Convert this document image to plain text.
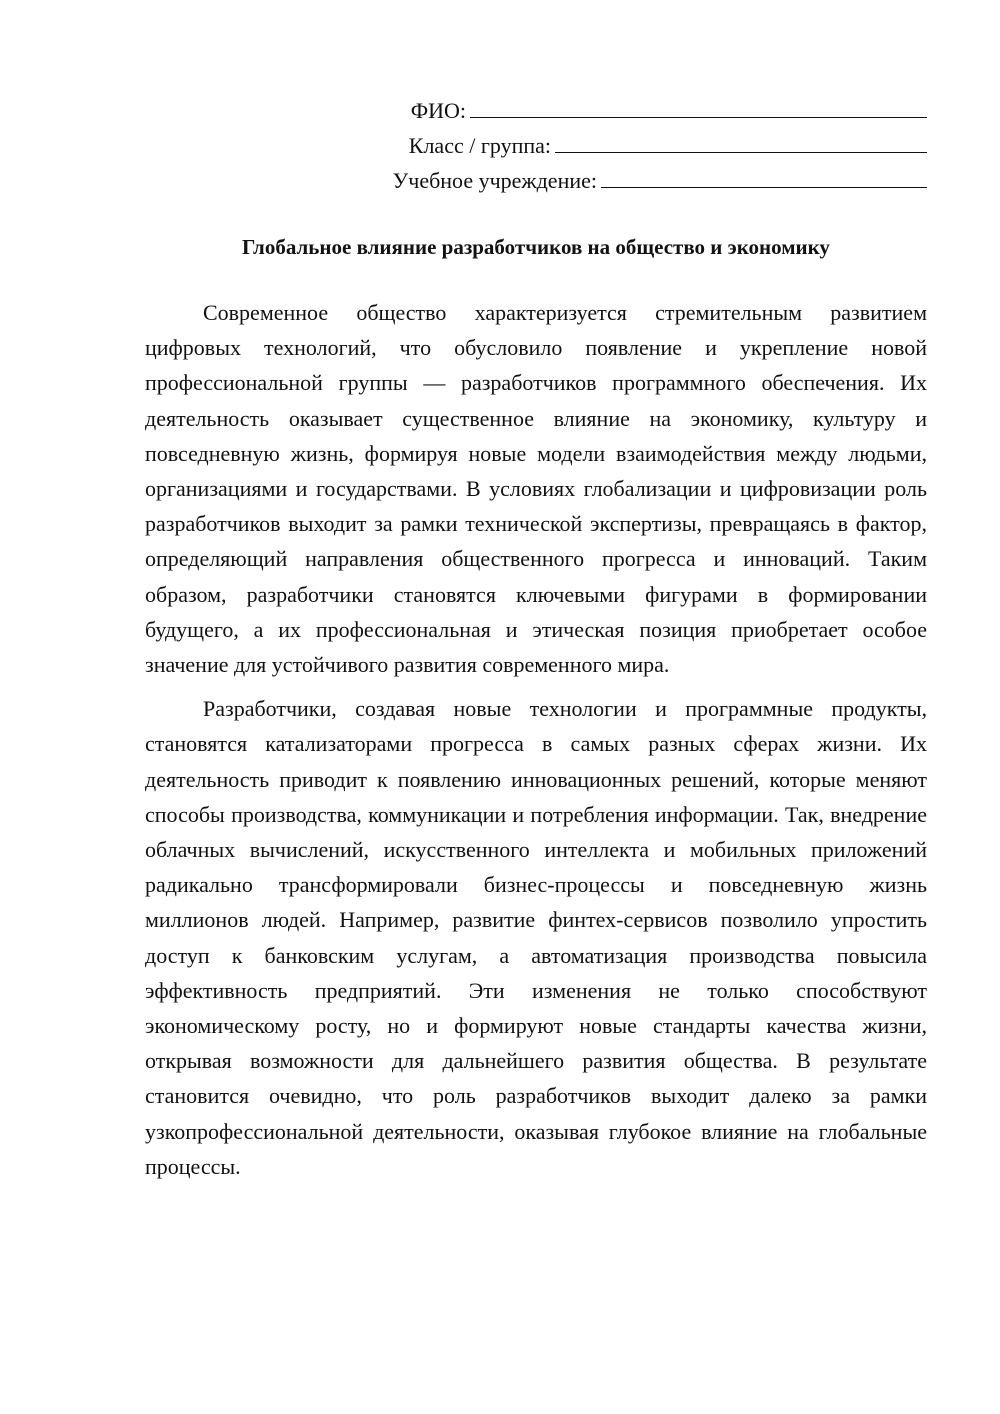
ФИО:
Класс / группа:
Учебное учреждение:
Глобальное влияние разработчиков на общество и экономику

Современное общество характеризуется стремительным развитием цифровых технологий, что обусловило появление и укрепление новой профессиональной группы — разработчиков программного обеспечения. Их деятельность оказывает существенное влияние на экономику, культуру и повседневную жизнь, формируя новые модели взаимодействия между людьми, организациями и государствами. В условиях глобализации и цифровизации роль разработчиков выходит за рамки технической экспертизы, превращаясь в фактор, определяющий направления общественного прогресса и инноваций. Таким образом, разработчики становятся ключевыми фигурами в формировании будущего, а их профессиональная и этическая позиция приобретает особое значение для устойчивого развития современного мира.

Разработчики, создавая новые технологии и программные продукты, становятся катализаторами прогресса в самых разных сферах жизни. Их деятельность приводит к появлению инновационных решений, которые меняют способы производства, коммуникации и потребления информации. Так, внедрение облачных вычислений, искусственного интеллекта и мобильных приложений радикально трансформировали бизнес-процессы и повседневную жизнь миллионов людей. Например, развитие финтех-сервисов позволило упростить доступ к банковским услугам, а автоматизация производства повысила эффективность предприятий. Эти изменения не только способствуют экономическому росту, но и формируют новые стандарты качества жизни, открывая возможности для дальнейшего развития общества. В результате становится очевидно, что роль разработчиков выходит далеко за рамки узкопрофессиональной деятельности, оказывая глубокое влияние на глобальные процессы.
